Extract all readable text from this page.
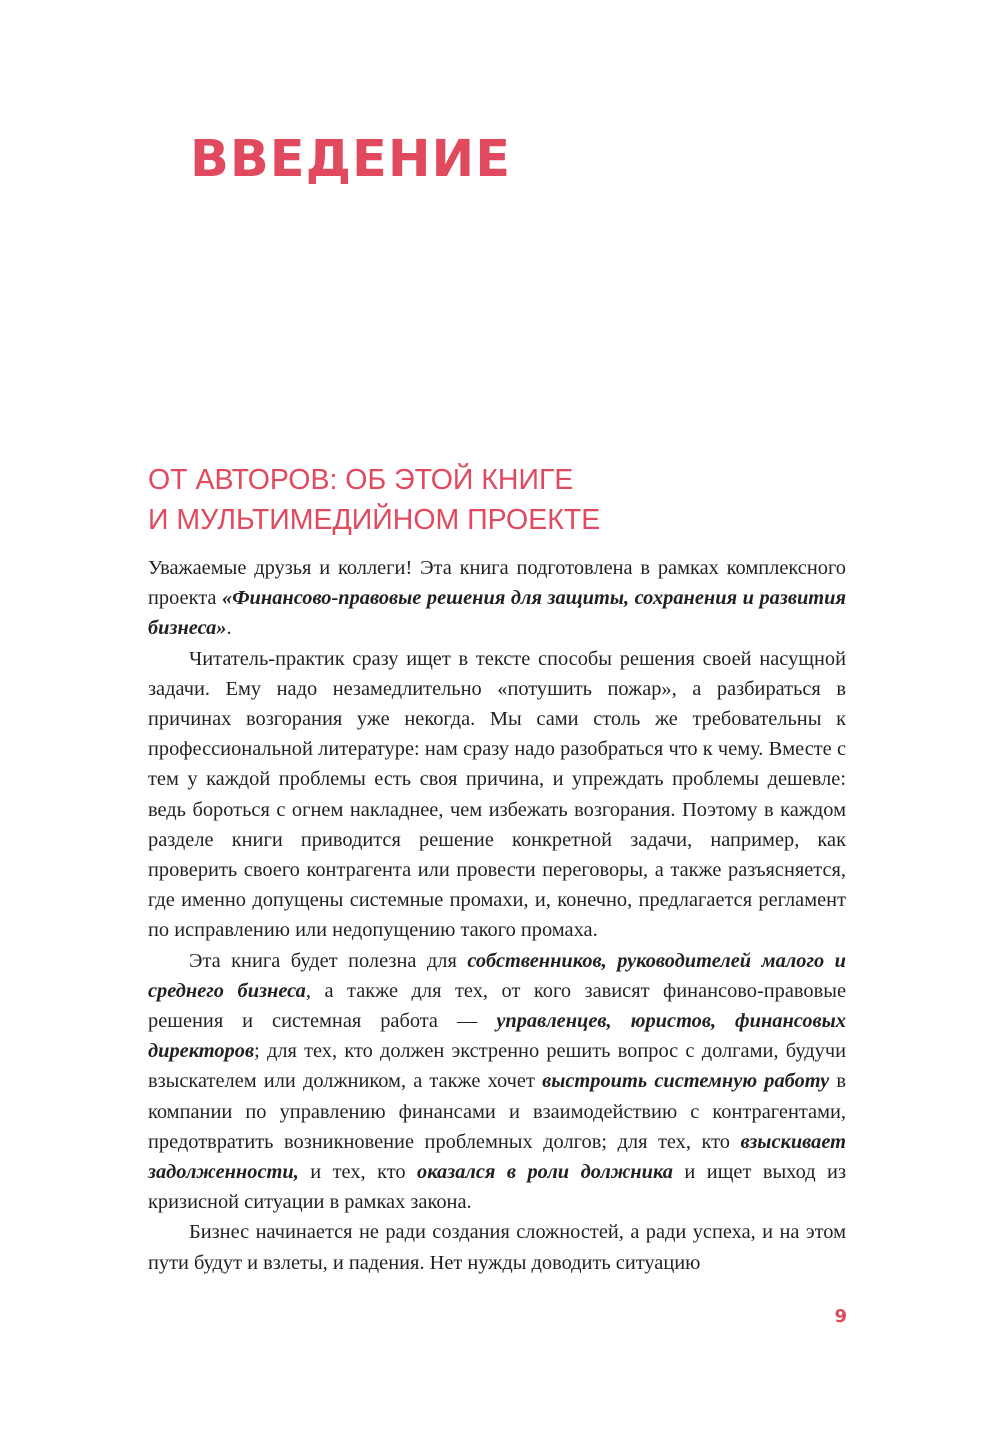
ВВЕДЕНИЕ
ОТ АВТОРОВ: ОБ ЭТОЙ КНИГЕ
И МУЛЬТИМЕДИЙНОМ ПРОЕКТЕ

Уважаемые друзья и коллеги! Эта книга подготовлена в рамках комплексного проекта «Финансово-правовые решения для защиты, сохранения и развития бизнеса».

Читатель-практик сразу ищет в тексте способы решения своей насущной задачи. Ему надо незамедлительно «потушить пожар», а разбираться в причинах возгорания уже некогда. Мы сами столь же требовательны к профессиональной литературе: нам сразу надо разобраться что к чему. Вместе с тем у каждой проблемы есть своя причина, и упреждать проблемы дешевле: ведь бороться с огнем накладнее, чем избежать возгорания. Поэтому в каждом разделе книги приводится решение конкретной задачи, например, как проверить своего контрагента или провести переговоры, а также разъясняется, где именно допущены системные промахи, и, конечно, предлагается регламент по исправлению или недопущению такого промаха.

Эта книга будет полезна для собственников, руководителей малого и среднего бизнеса, а также для тех, от кого зависят финансово-правовые решения и системная работа — управленцев, юристов, финансовых директоров; для тех, кто должен экстренно решить вопрос с долгами, будучи взыскателем или должником, а также хочет выстроить системную работу в компании по управлению финансами и взаимодействию с контрагентами, предотвратить возникновение проблемных долгов; для тех, кто взыскивает задолженности, и тех, кто оказался в роли должника и ищет выход из кризисной ситуации в рамках закона.

Бизнес начинается не ради создания сложностей, а ради успеха, и на этом пути будут и взлеты, и падения. Нет нужды доводить ситуацию

9
